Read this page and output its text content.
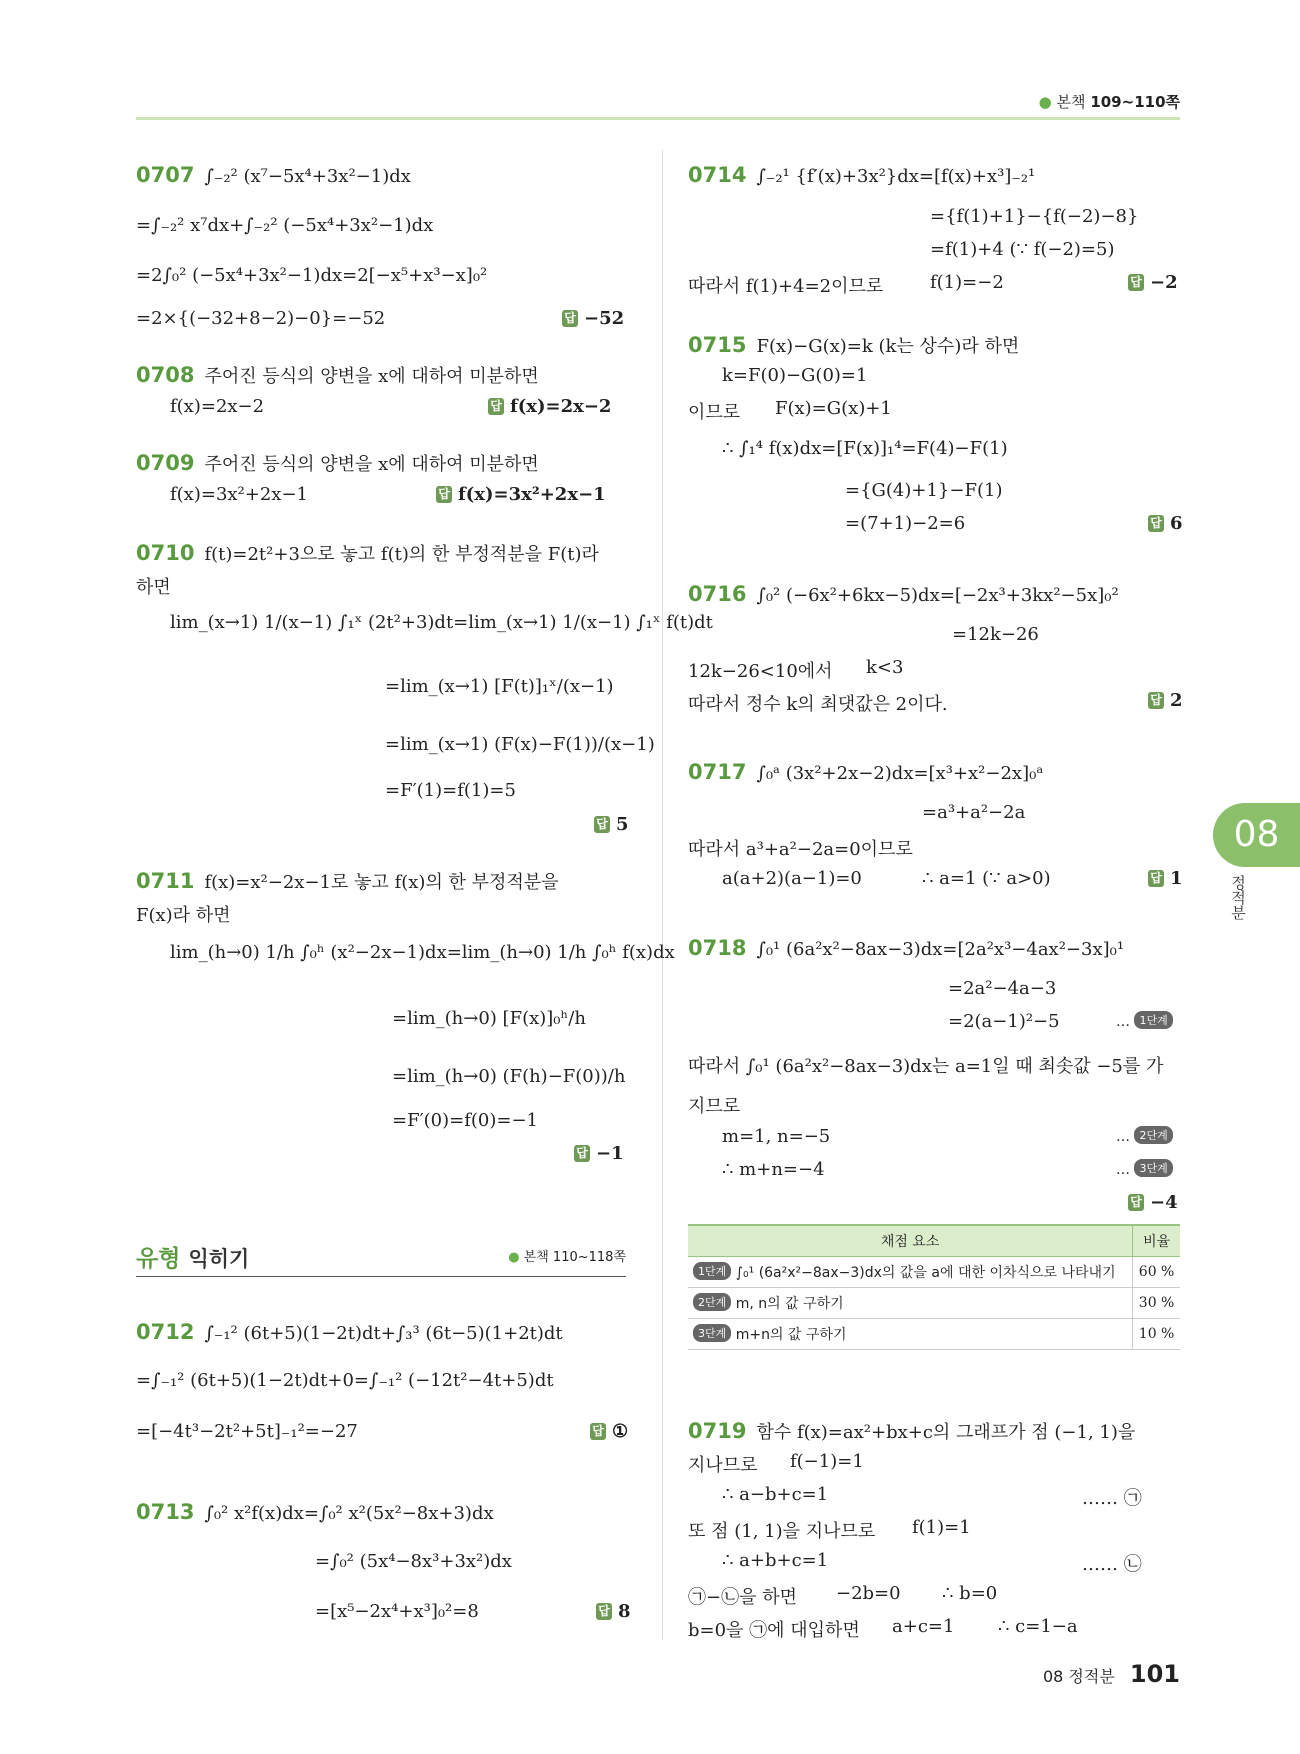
● 본책 109~110쪽
0707 ∫₋₂² (x⁷−5x⁴+3x²−1)dx
=∫₋₂² x⁷dx+∫₋₂² (−5x⁴+3x²−1)dx
=2∫₀² (−5x⁴+3x²−1)dx=2[−x⁵+x³−x]₀²
=2×{(−32+8−2)−0}=−52	답 −52
0708 주어진 등식의 양변을 x에 대하여 미분하면
f(x)=2x−2	답 f(x)=2x−2
0709 주어진 등식의 양변을 x에 대하여 미분하면
f(x)=3x²+2x−1	답 f(x)=3x²+2x−1
0710 f(t)=2t²+3으로 놓고 f(t)의 한 부정적분을 F(t)라
하면
lim_(x→1) 1/(x−1) ∫₁ˣ (2t²+3)dt=lim_(x→1) 1/(x−1) ∫₁ˣ f(t)dt
=lim_(x→1) [F(t)]₁ˣ/(x−1)
=lim_(x→1) (F(x)−F(1))/(x−1)
=F′(1)=f(1)=5
답 5
0711 f(x)=x²−2x−1로 놓고 f(x)의 한 부정적분을
F(x)라 하면
lim_(h→0) 1/h ∫₀ʰ (x²−2x−1)dx=lim_(h→0) 1/h ∫₀ʰ f(x)dx
=lim_(h→0) [F(x)]₀ʰ/h
=lim_(h→0) (F(h)−F(0))/h
=F′(0)=f(0)=−1
답 −1
유형 익히기	● 본책 110~118쪽
0712 ∫₋₁² (6t+5)(1−2t)dt+∫₃³ (6t−5)(1+2t)dt
=∫₋₁² (6t+5)(1−2t)dt+0=∫₋₁² (−12t²−4t+5)dt
=[−4t³−2t²+5t]₋₁²=−27	답 ①
0713 ∫₀² x²f(x)dx=∫₀² x²(5x²−8x+3)dx
=∫₀² (5x⁴−8x³+3x²)dx
=[x⁵−2x⁴+x³]₀²=8	답 8
0714 ∫₋₂¹ {f′(x)+3x²}dx=[f(x)+x³]₋₂¹
={f(1)+1}−{f(−2)−8}
=f(1)+4 (∵ f(−2)=5)
따라서 f(1)+4=2이므로	f(1)=−2	답 −2
0715 F(x)−G(x)=k (k는 상수)라 하면
k=F(0)−G(0)=1
이므로 F(x)=G(x)+1
∴ ∫₁⁴ f(x)dx=[F(x)]₁⁴=F(4)−F(1)
={G(4)+1}−F(1)
=(7+1)−2=6	답 6
0716 ∫₀² (−6x²+6kx−5)dx=[−2x³+3kx²−5x]₀²
=12k−26
12k−26<10에서 k<3
따라서 정수 k의 최댓값은 2이다.	답 2
0717 ∫₀ᵃ (3x²+2x−2)dx=[x³+x²−2x]₀ᵃ
=a³+a²−2a
따라서 a³+a²−2a=0이므로
a(a+2)(a−1)=0	∴ a=1 (∵ a>0)	답 1
0718 ∫₀¹ (6a²x²−8ax−3)dx=[2a²x³−4ax²−3x]₀¹
=2a²−4a−3
=2(a−1)²−5	… 1단계
따라서 ∫₀¹ (6a²x²−8ax−3)dx는 a=1일 때 최솟값 −5를 가
지므로
m=1, n=−5	… 2단계
∴ m+n=−4	… 3단계
답 −4
채점 요소	비율
1단계 ∫₀¹ (6a²x²−8ax−3)dx의 값을 a에 대한 이차식으로 나타내기	60 %
2단계 m, n의 값 구하기	30 %
3단계 m+n의 값 구하기	10 %
0719 함수 f(x)=ax²+bx+c의 그래프가 점 (−1, 1)을
지나므로 f(−1)=1
∴ a−b+c=1	…… ㉠
또 점 (1, 1)을 지나므로 f(1)=1
∴ a+b+c=1	…… ㉡
㉠−㉡을 하면 −2b=0 ∴ b=0
b=0을 ㉠에 대입하면 a+c=1 ∴ c=1−a
08
정적분
08 정적분 101
